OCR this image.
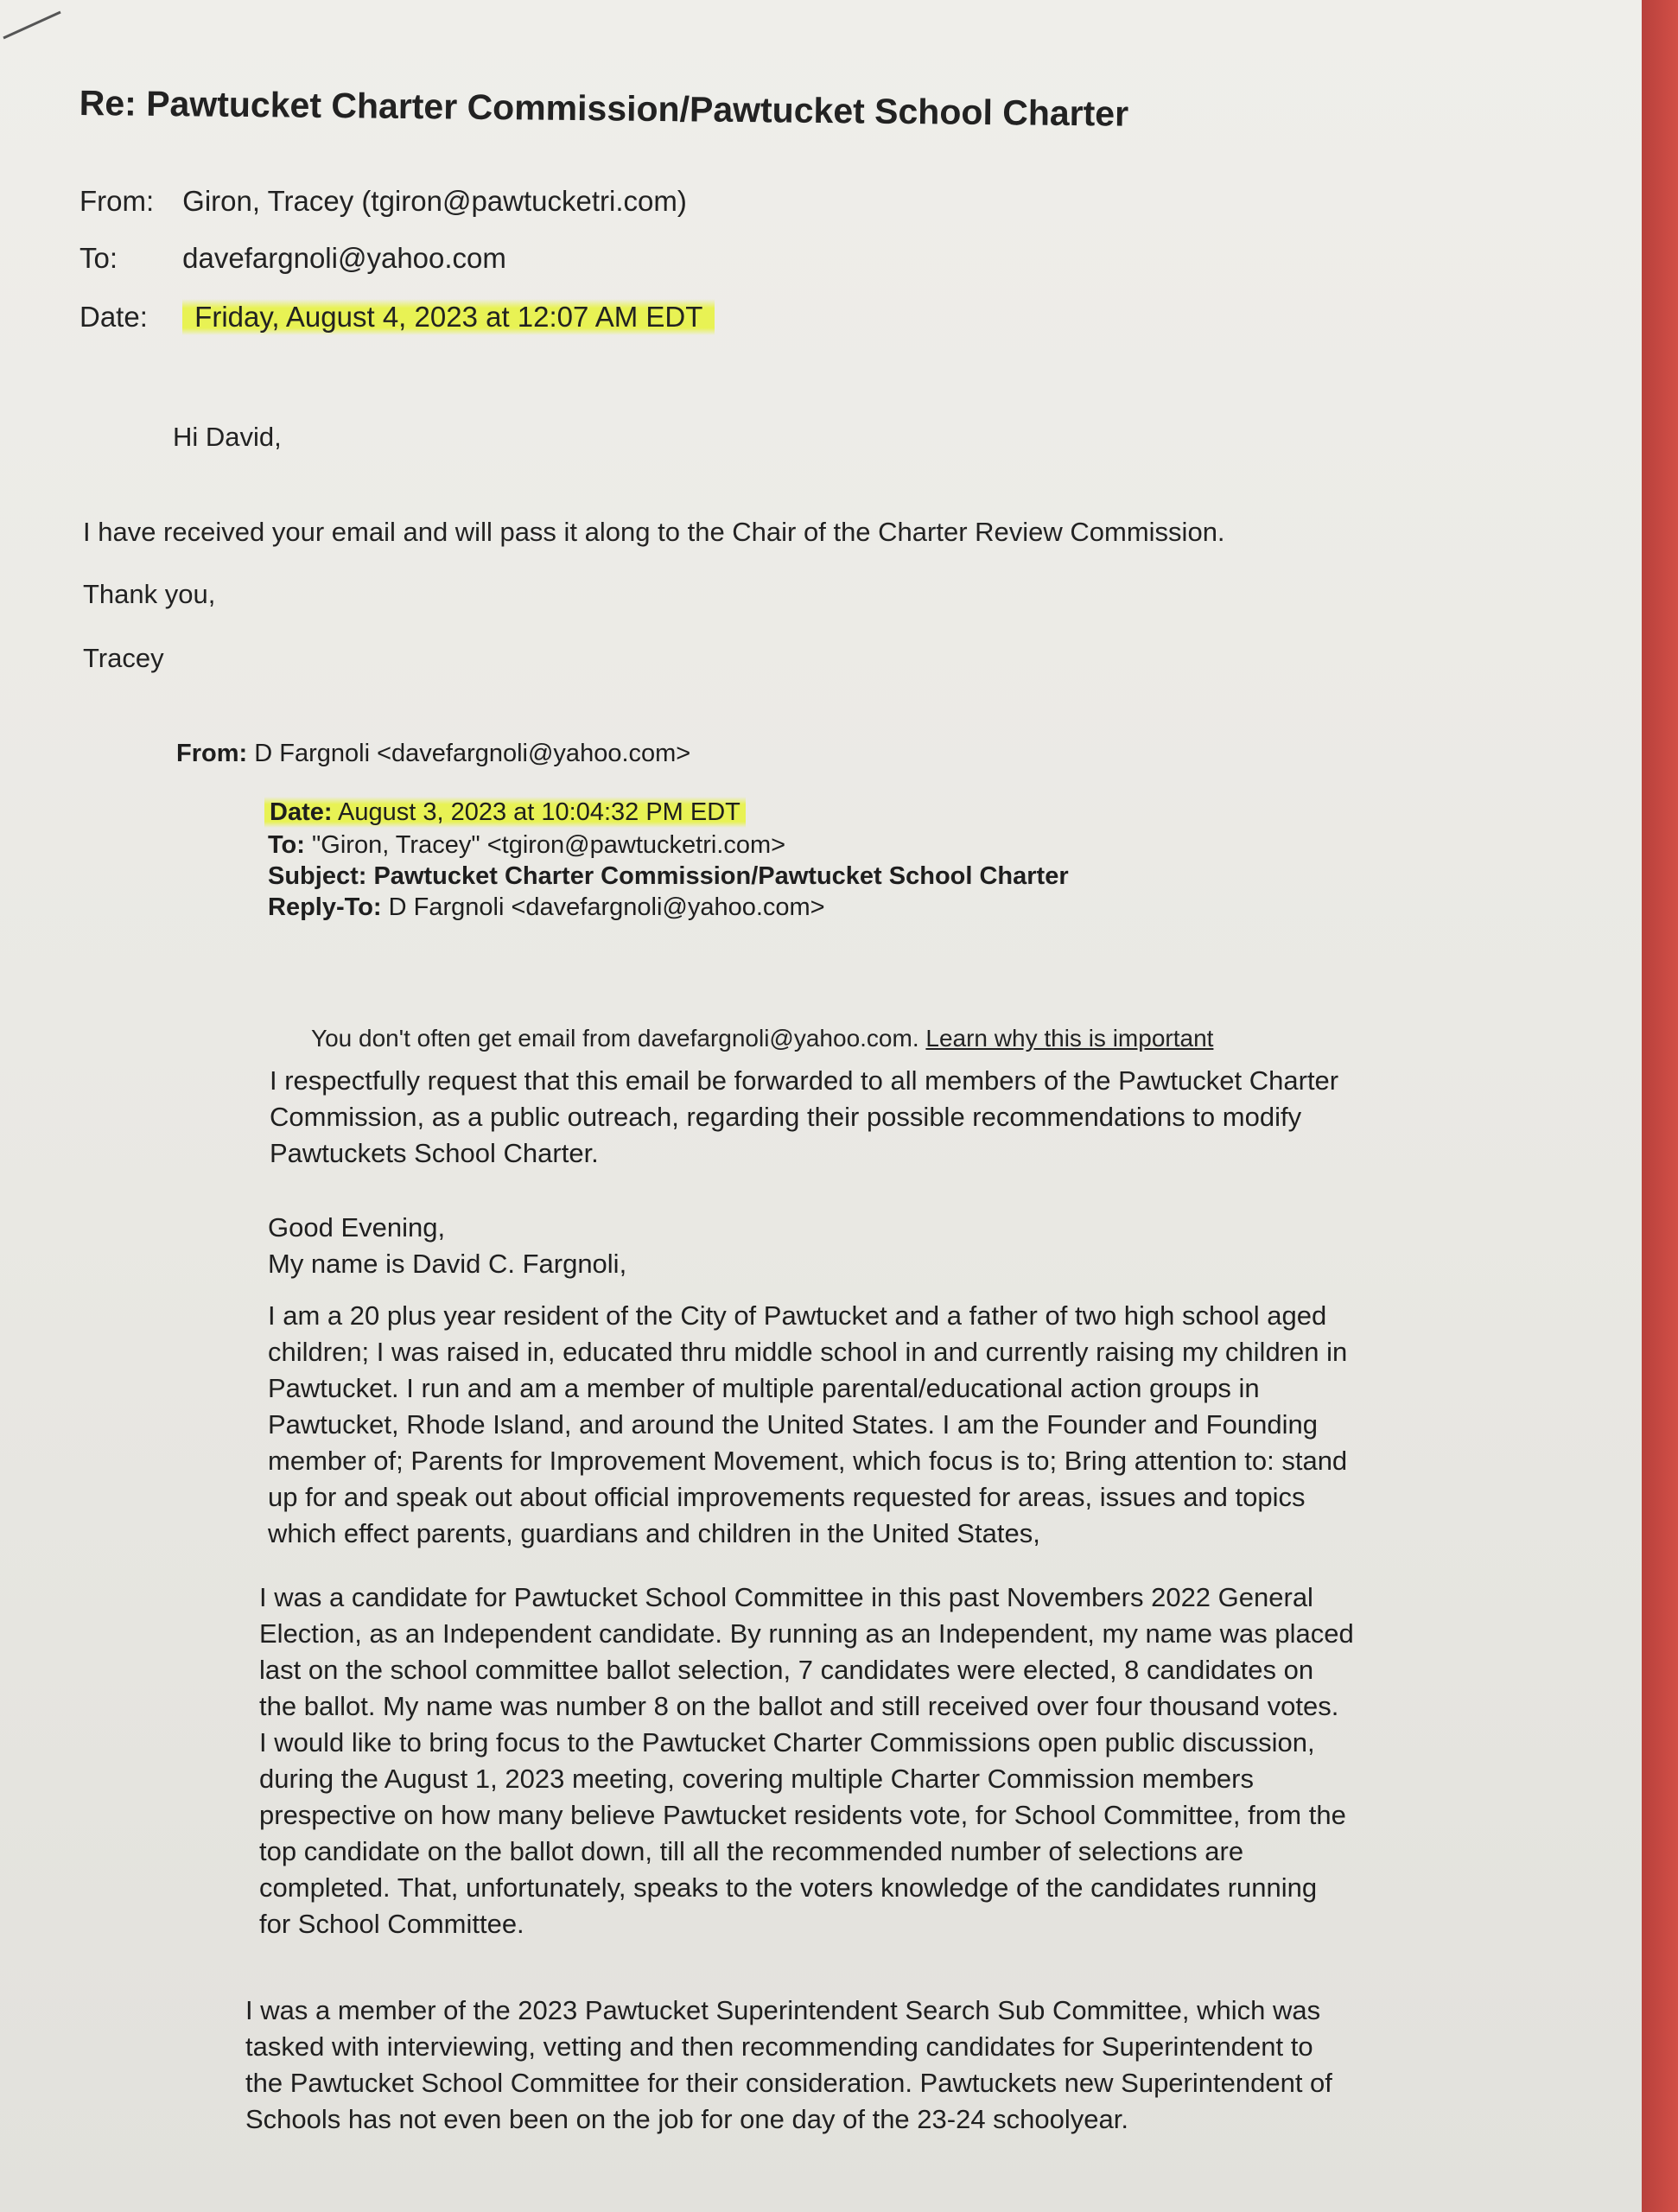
Re: Pawtucket Charter Commission/Pawtucket School Charter
From: Giron, Tracey (tgiron@pawtucketri.com)
To: davefargnoli@yahoo.com
Date: Friday, August 4, 2023 at 12:07 AM EDT
Hi David,
I have received your email and will pass it along to the Chair of the Charter Review Commission.
Thank you,
Tracey
From: D Fargnoli <davefargnoli@yahoo.com>
Date: August 3, 2023 at 10:04:32 PM EDT
To: "Giron, Tracey" <tgiron@pawtucketri.com>
Subject: Pawtucket Charter Commission/Pawtucket School Charter
Reply-To: D Fargnoli <davefargnoli@yahoo.com>
You don't often get email from davefargnoli@yahoo.com. Learn why this is important
I respectfully request that this email be forwarded to all members of the Pawtucket Charter
Commission, as a public outreach, regarding their possible recommendations to modify
Pawtuckets School Charter.
Good Evening,
My name is David C. Fargnoli,
I am a 20 plus year resident of the City of Pawtucket and a father of two high school aged
children; I was raised in, educated thru middle school in and currently raising my children in
Pawtucket. I run and am a member of multiple parental/educational action groups in
Pawtucket, Rhode Island, and around the United States. I am the Founder and Founding
member of; Parents for Improvement Movement, which focus is to; Bring attention to: stand
up for and speak out about official improvements requested for areas, issues and topics
which effect parents, guardians and children in the United States,
I was a candidate for Pawtucket School Committee in this past Novembers 2022 General
Election, as an Independent candidate. By running as an Independent, my name was placed
last on the school committee ballot selection, 7 candidates were elected, 8 candidates on
the ballot. My name was number 8 on the ballot and still received over four thousand votes.
I would like to bring focus to the Pawtucket Charter Commissions open public discussion,
during the August 1, 2023 meeting, covering multiple Charter Commission members
prespective on how many believe Pawtucket residents vote, for School Committee, from the
top candidate on the ballot down, till all the recommended number of selections are
completed. That, unfortunately, speaks to the voters knowledge of the candidates running
for School Committee.
I was a member of the 2023 Pawtucket Superintendent Search Sub Committee, which was
tasked with interviewing, vetting and then recommending candidates for Superintendent to
the Pawtucket School Committee for their consideration. Pawtuckets new Superintendent of
Schools has not even been on the job for one day of the 23-24 schoolyear.
